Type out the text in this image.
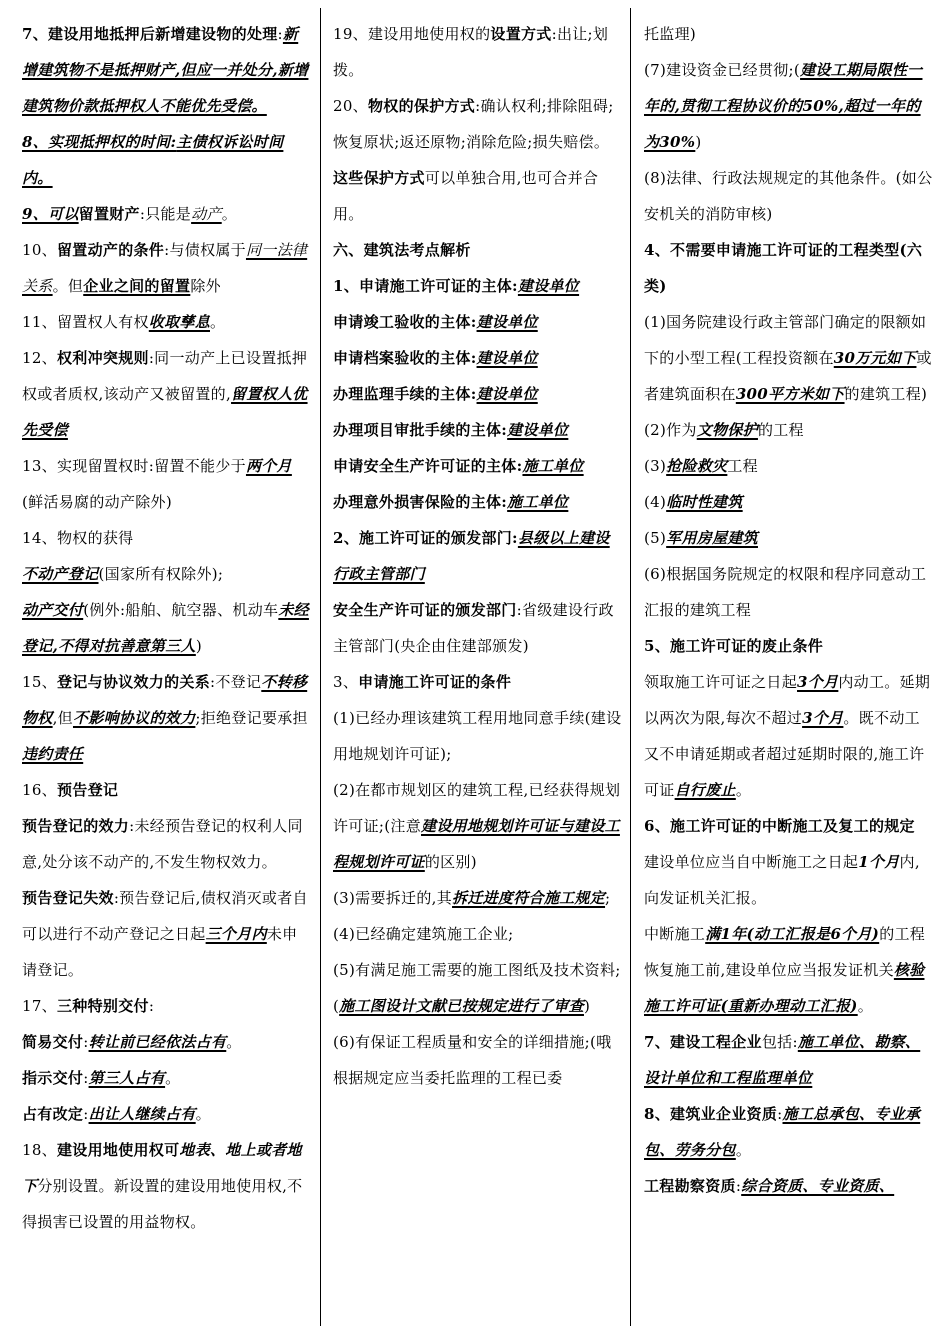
7、建设用地抵押后新增建设物的处理:新增建筑物不是抵押财产,但应一并处分,新增建筑物价款抵押权人不能优先受偿。

8、实现抵押权的时间:主债权诉讼时间内。

9、可以留置财产:只能是动产。

10、留置动产的条件:与债权属于同一法律关系。但企业之间的留置除外

11、留置权人有权收取孳息。

12、权利冲突规则:同一动产上已设置抵押权或者质权,该动产又被留置的,留置权人优先受偿

13、实现留置权时:留置不能少于两个月(鲜活易腐的动产除外)

14、物权的获得

不动产登记(国家所有权除外);

动产交付(例外:船舶、航空器、机动车未经登记,不得对抗善意第三人)

15、登记与协议效力的关系:不登记不转移物权,但不影响协议的效力;拒绝登记要承担违约责任

16、预告登记

预告登记的效力:未经预告登记的权利人同意,处分该不动产的,不发生物权效力。

预告登记失效:预告登记后,债权消灭或者自可以进行不动产登记之日起三个月内未申请登记。

17、三种特别交付:

简易交付:转让前已经依法占有。

指示交付:第三人占有。

占有改定:出让人继续占有。

18、建设用地使用权可地表、地上或者地下分别设置。新设置的建设用地使用权,不得损害已设置的用益物权。

19、建设用地使用权的设置方式:出让;划拨。

20、物权的保护方式:确认权利;排除阻碍;恢复原状;返还原物;消除危险;损失赔偿。

这些保护方式可以单独合用,也可合并合用。

六、建筑法考点解析

1、申请施工许可证的主体:建设单位

申请竣工验收的主体:建设单位

申请档案验收的主体:建设单位

办理监理手续的主体:建设单位

办理项目审批手续的主体:建设单位

申请安全生产许可证的主体:施工单位

办理意外损害保险的主体:施工单位

2、施工许可证的颁发部门:县级以上建设行政主管部门

安全生产许可证的颁发部门:省级建设行政主管部门(央企由住建部颁发)

3、申请施工许可证的条件

(1)已经办理该建筑工程用地同意手续(建设用地规划许可证);

(2)在都市规划区的建筑工程,已经获得规划许可证;(注意建设用地规划许可证与建设工程规划许可证的区别)

(3)需要拆迁的,其拆迁进度符合施工规定;

(4)已经确定建筑施工企业;

(5)有满足施工需要的施工图纸及技术资料;(施工图设计文献已按规定进行了审查)

(6)有保证工程质量和安全的详细措施;(哦根据规定应当委托监理的工程已委

托监理)

(7)建设资金已经贯彻;(建设工期局限性一年的,贯彻工程协议价的50%,超过一年的为30%)

(8)法律、行政法规规定的其他条件。(如公安机关的消防审核)

4、不需要申请施工许可证的工程类型(六类)

(1)国务院建设行政主管部门确定的限额如下的小型工程(工程投资额在30万元如下或者建筑面积在300平方米如下的建筑工程)

(2)作为文物保护的工程

(3)抢险救灾工程

(4)临时性建筑

(5)军用房屋建筑

(6)根据国务院规定的权限和程序同意动工汇报的建筑工程

5、施工许可证的废止条件

领取施工许可证之日起3个月内动工。延期以两次为限,每次不超过3个月。既不动工又不申请延期或者超过延期时限的,施工许可证自行废止。

6、施工许可证的中断施工及复工的规定

建设单位应当自中断施工之日起1个月内,向发证机关汇报。

中断施工满1年(动工汇报是6个月)的工程恢复施工前,建设单位应当报发证机关核验施工许可证(重新办理动工汇报)。

7、建设工程企业包括:施工单位、勘察、设计单位和工程监理单位

8、建筑业企业资质:施工总承包、专业承包、劳务分包。

工程勘察资质:综合资质、专业资质、
